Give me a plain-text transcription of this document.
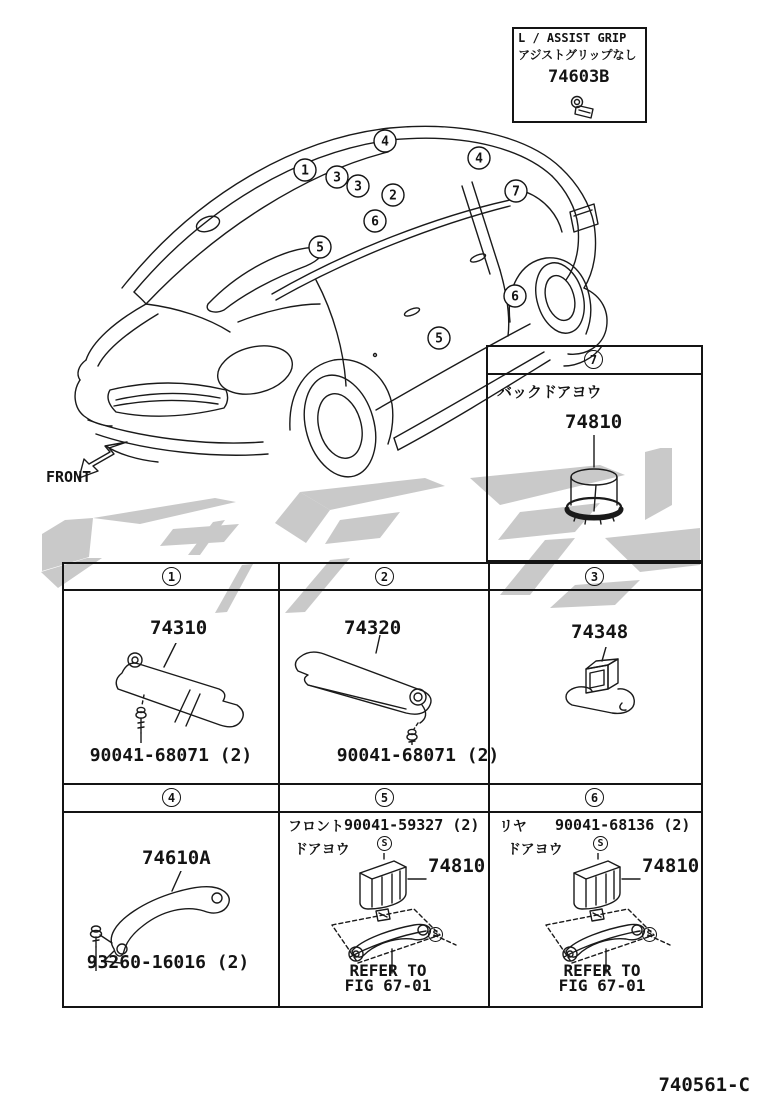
L / ASSIST GRIP
アジストグリップなし
74603B
4
1 3
3
2
6
5
4
7
6
5
FRONT
7
バックドアヨウ
74810
1	2	3
4	5	6
74310
90041-68071 (2)
74320
90041-68071 (2)
74348
74610A
93260-16016 (2)
フロント 90041-59327 (2)
ドアヨウ	S
74810
S
REFER TO
FIG 67-01
リヤ 90041-68136 (2)
ドアヨウ	S
74810
S
REFER TO
FIG 67-01
740561-C
